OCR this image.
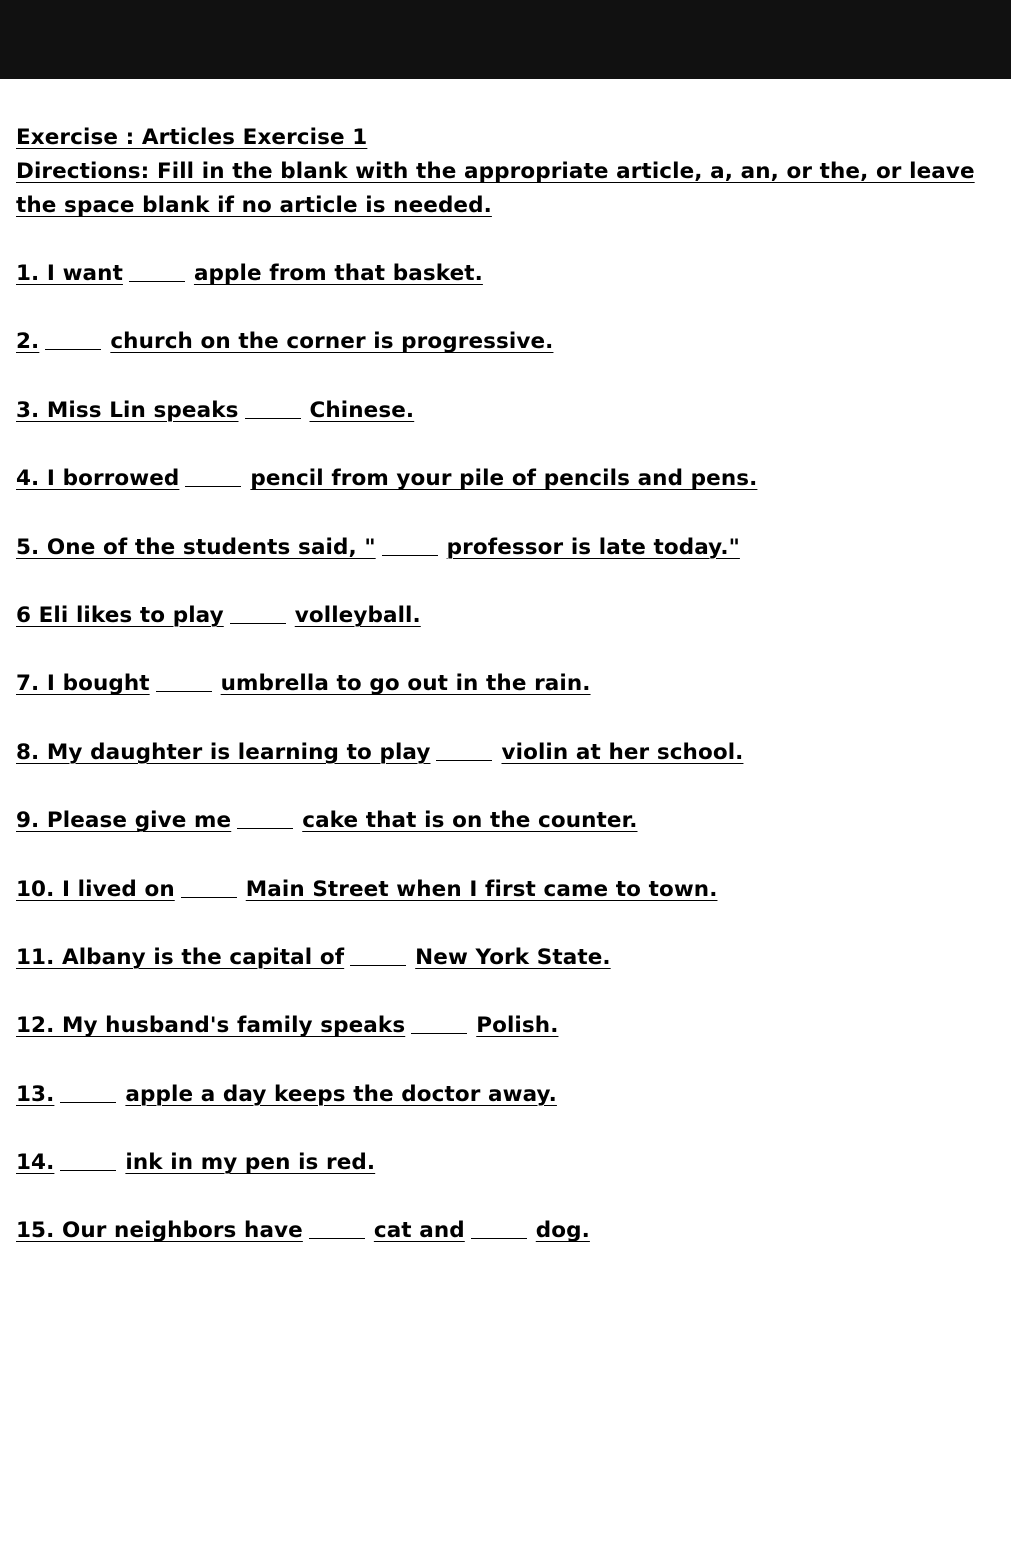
Exercise : Articles Exercise 1
Directions: Fill in the blank with the appropriate article, a, an, or the, or leave the space blank if no article is needed.
1. I want	apple from that basket.
2.	church on the corner is progressive.
3. Miss Lin speaks	Chinese.
4. I borrowed	pencil from your pile of pencils and pens.
5. One of the students said, "	professor is late today."
6 Eli likes to play	volleyball.
7. I bought	umbrella to go out in the rain.
8. My daughter is learning to play	violin at her school.
9. Please give me	cake that is on the counter.
10. I lived on	Main Street when I first came to town.
11. Albany is the capital of	New York State.
12. My husband's family speaks	Polish.
13.	apple a day keeps the doctor away.
14.	ink in my pen is red.
15. Our neighbors have	cat and	dog.
